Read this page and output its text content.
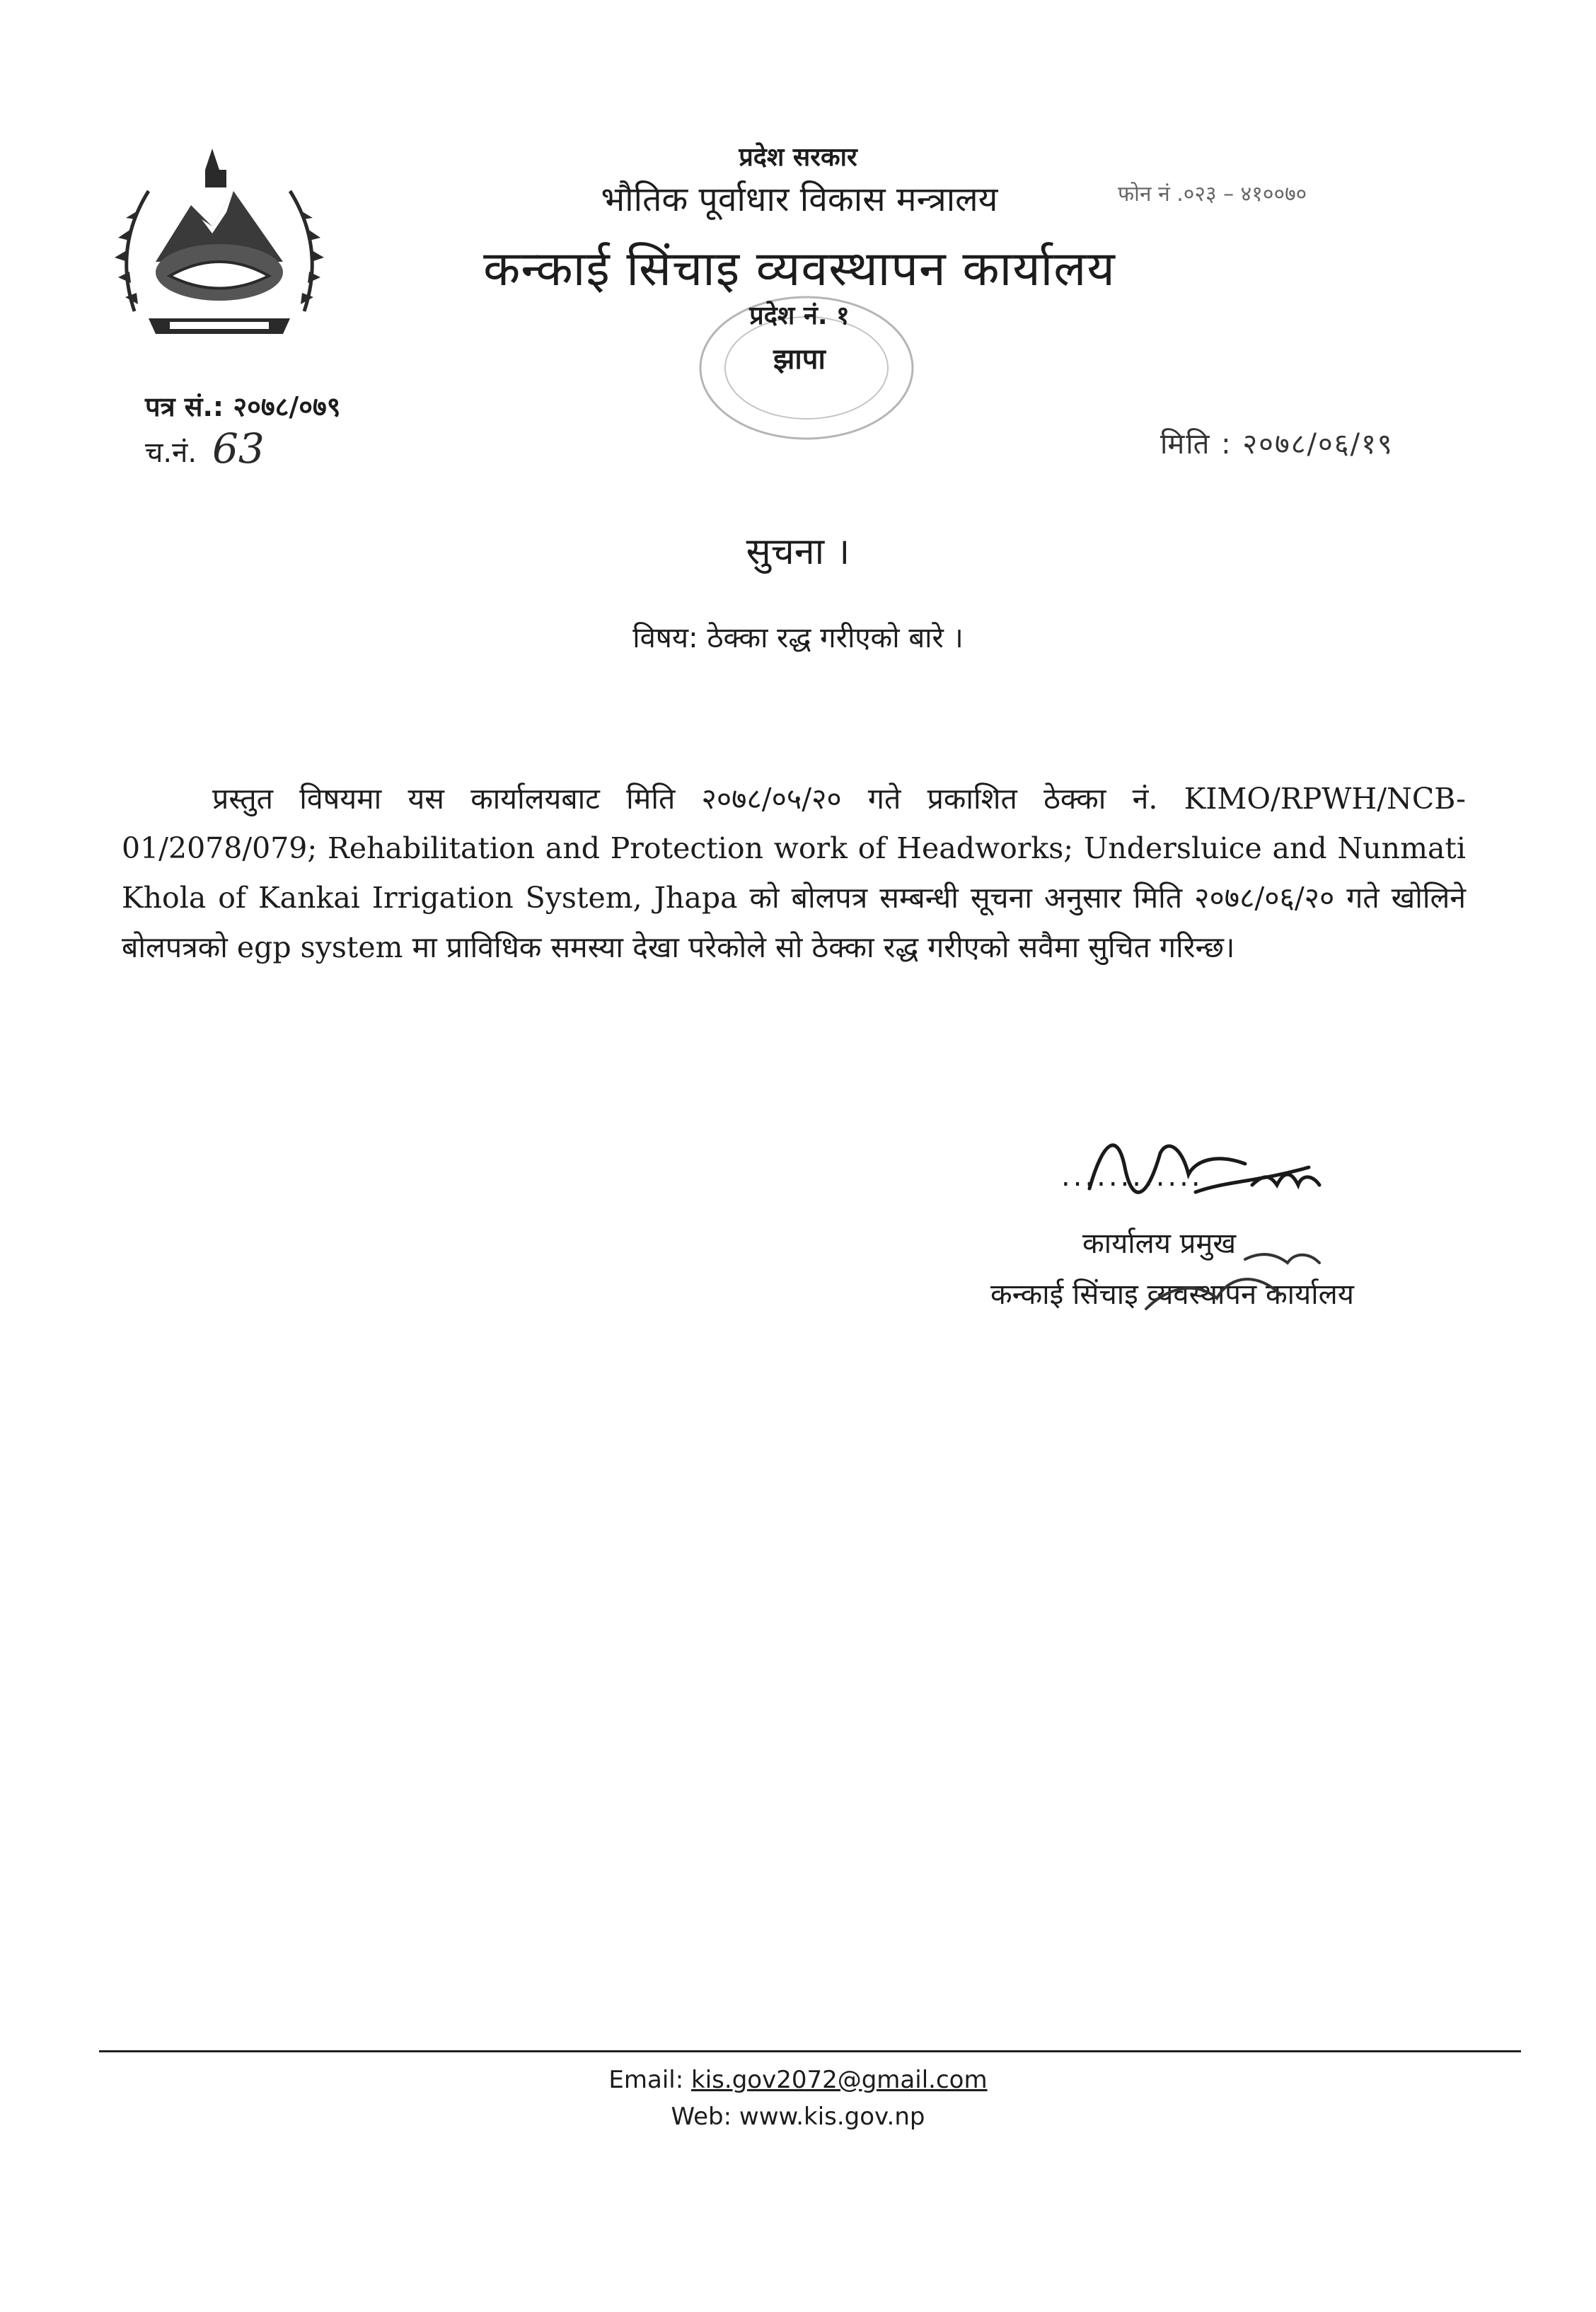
प्रदेश सरकार
भौतिक पूर्वाधार विकास मन्त्रालय
कन्काई सिंचाइ व्यवस्थापन कार्यालय
फोन नं .०२३ – ४१००७०
प्रदेश नं. १
झापा
पत्र सं.: २०७८/०७९
च.नं. 63	मिति : २०७८/०६/१९
सुचना ।
विषय: ठेक्का रद्ध गरीएको बारे ।
प्रस्तुत विषयमा यस कार्यालयबाट मिति २०७८/०५/२० गते प्रकाशित ठेक्का नं. KIMO/RPWH/NCB-01/2078/079; Rehabilitation and Protection work of Headworks; Undersluice and Nunmati Khola of Kankai Irrigation System, Jhapa को बोलपत्र सम्बन्धी सूचना अनुसार मिति २०७८/०६/२० गते खोलिने बोलपत्रको egp system मा प्राविधिक समस्या देखा परेकोले सो ठेक्का रद्ध गरीएको सवैमा सुचित गरिन्छ।
............
कार्यालय प्रमुख
कन्काई सिंचाइ व्यवस्थापन कार्यालय
Email: kis.gov2072@gmail.com
Web: www.kis.gov.np
